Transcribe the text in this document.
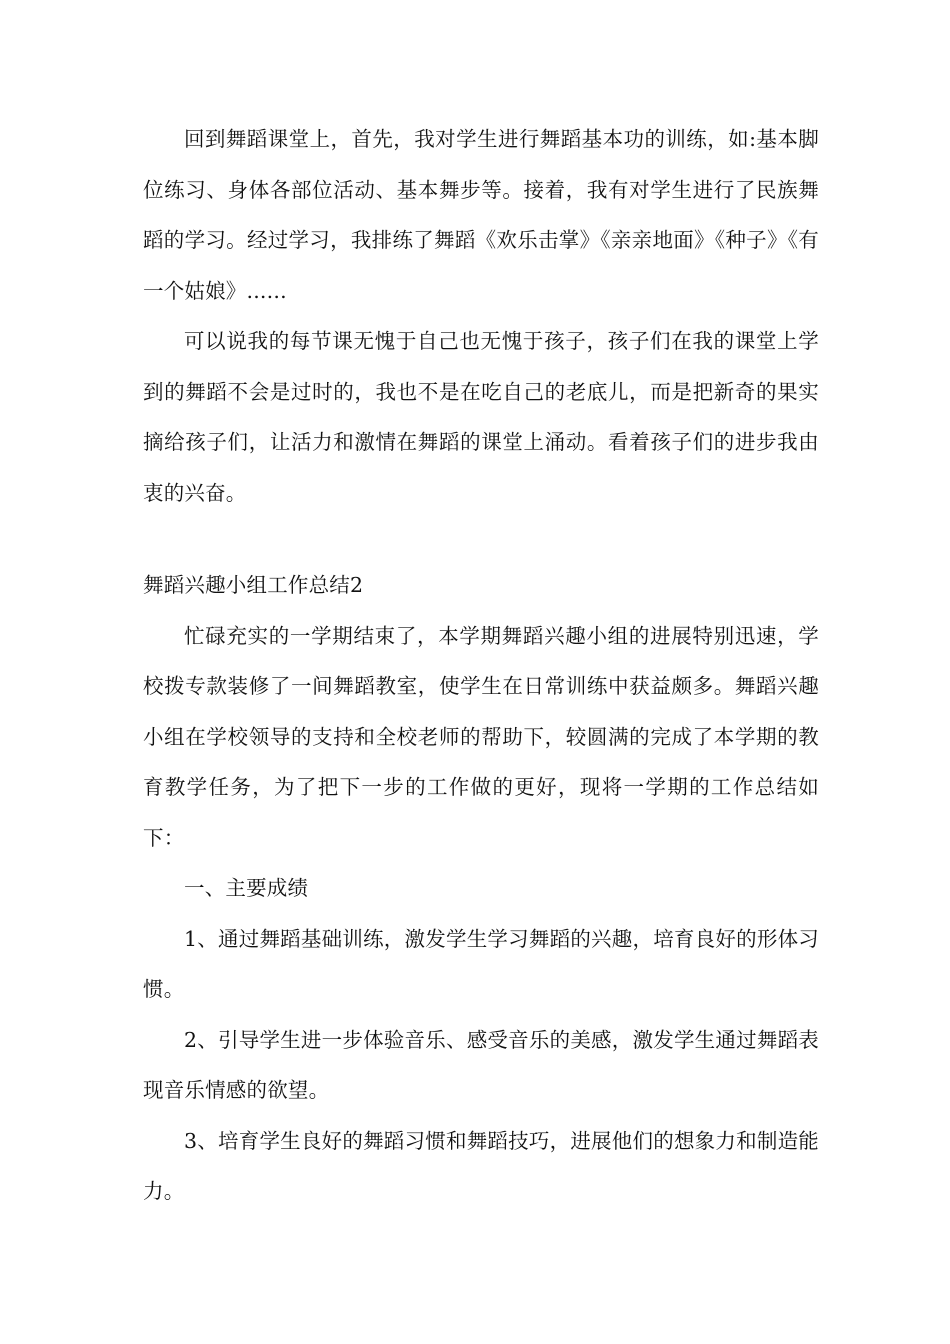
回到舞蹈课堂上，首先，我对学生进行舞蹈基本功的训练，如:基本脚位练习、身体各部位活动、基本舞步等。接着，我有对学生进行了民族舞蹈的学习。经过学习，我排练了舞蹈《欢乐击掌》《亲亲地面》《种子》《有一个姑娘》......

可以说我的每节课无愧于自己也无愧于孩子，孩子们在我的课堂上学到的舞蹈不会是过时的，我也不是在吃自己的老底儿，而是把新奇的果实摘给孩子们，让活力和激情在舞蹈的课堂上涌动。看着孩子们的进步我由衷的兴奋。

舞蹈兴趣小组工作总结2

忙碌充实的一学期结束了，本学期舞蹈兴趣小组的进展特别迅速，学校拨专款装修了一间舞蹈教室，使学生在日常训练中获益颇多。舞蹈兴趣小组在学校领导的支持和全校老师的帮助下，较圆满的完成了本学期的教育教学任务，为了把下一步的工作做的更好，现将一学期的工作总结如下：

一、主要成绩

1、通过舞蹈基础训练，激发学生学习舞蹈的兴趣，培育良好的形体习惯。

2、引导学生进一步体验音乐、感受音乐的美感，激发学生通过舞蹈表现音乐情感的欲望。

3、培育学生良好的舞蹈习惯和舞蹈技巧，进展他们的想象力和制造能力。
